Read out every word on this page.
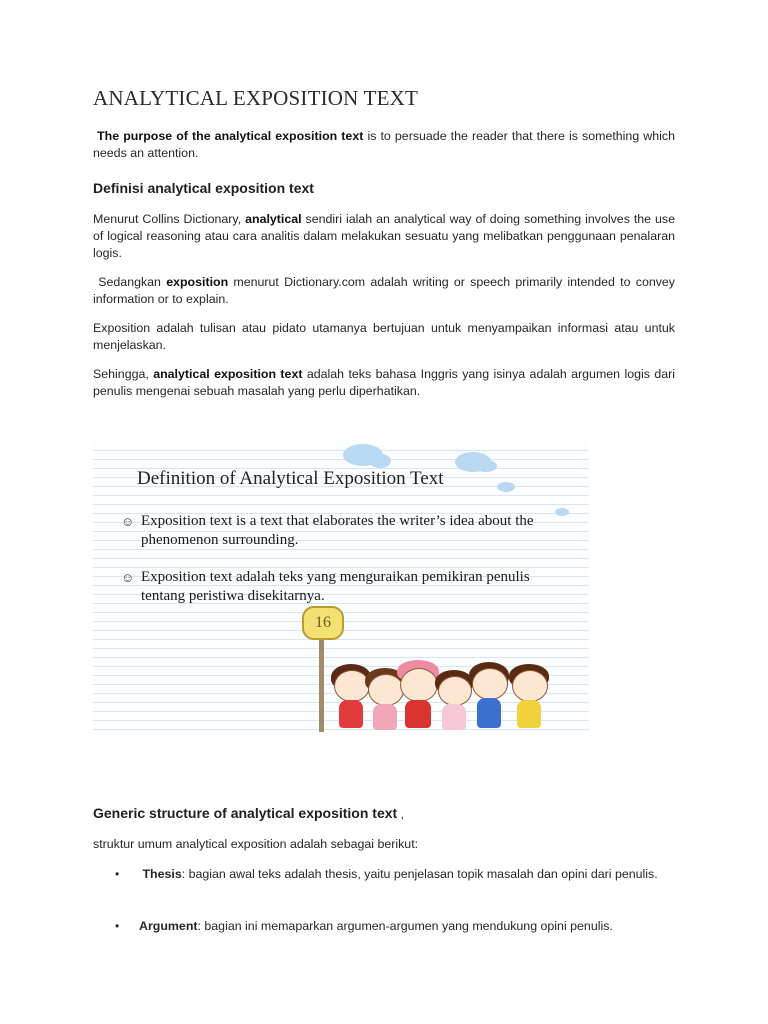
ANALYTICAL EXPOSITION TEXT

The purpose of the analytical exposition text is to persuade the reader that there is something which needs an attention.

Definisi analytical exposition text

Menurut Collins Dictionary, analytical sendiri ialah an analytical way of doing something involves the use of logical reasoning atau cara analitis dalam melakukan sesuatu yang melibatkan penggunaan penalaran logis.

Sedangkan exposition menurut Dictionary.com adalah writing or speech primarily intended to convey information or to explain.

Exposition adalah tulisan atau pidato utamanya bertujuan untuk menyampaikan informasi atau untuk menjelaskan.

Sehingga, analytical exposition text adalah teks bahasa Inggris yang isinya adalah argumen logis dari penulis mengenai sebuah masalah yang perlu diperhatikan.

Definition of Analytical Exposition Text
☺ Exposition text is a text that elaborates the writer’s idea about the phenomenon surrounding.
☺ Exposition text adalah teks yang menguraikan pemikiran penulis tentang peristiwa disekitarnya.
16
Generic structure of analytical exposition text ,

struktur umum analytical exposition adalah sebagai berikut:

• Thesis: bagian awal teks adalah thesis, yaitu penjelasan topik masalah dan opini dari penulis.
• Argument: bagian ini memaparkan argumen-argumen yang mendukung opini penulis.
